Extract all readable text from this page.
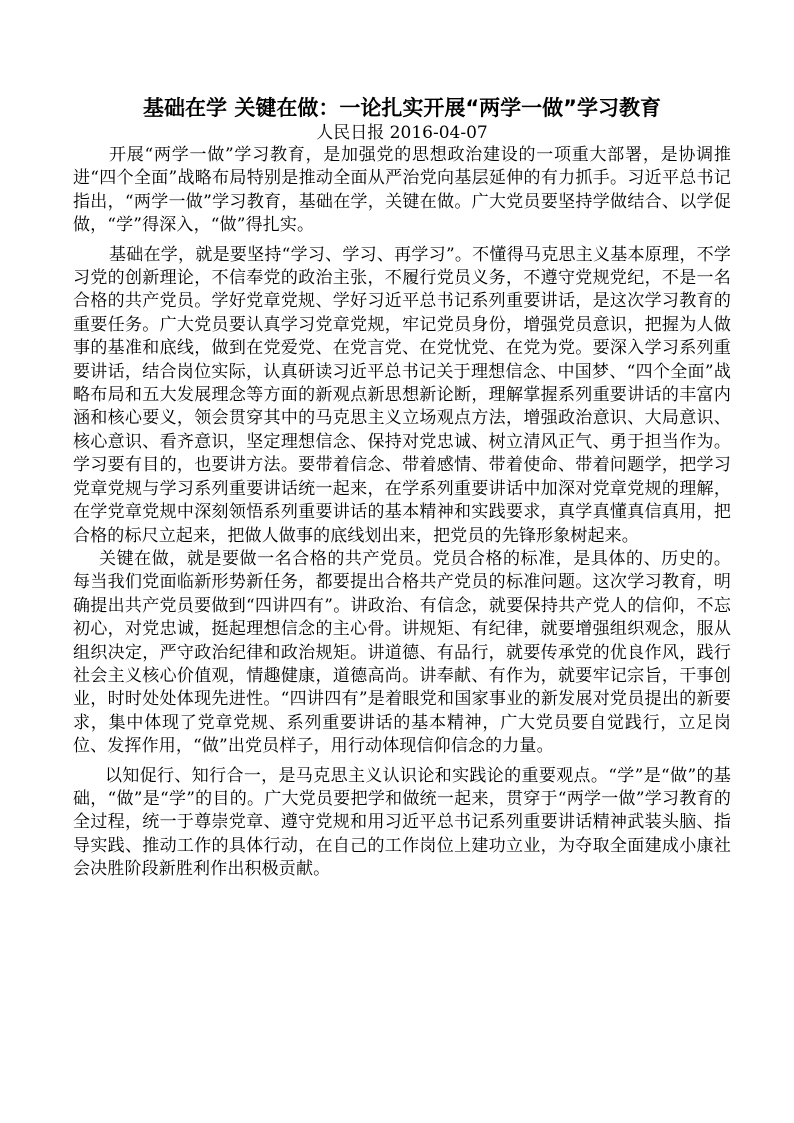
基础在学 关键在做：一论扎实开展“两学一做”学习教育
人民日报 2016-04-07

开展“两学一做”学习教育，是加强党的思想政治建设的一项重大部署，是协调推进“四个全面”战略布局特别是推动全面从严治党向基层延伸的有力抓手。习近平总书记指出，“两学一做”学习教育，基础在学，关键在做。广大党员要坚持学做结合、以学促做，“学”得深入，“做”得扎实。

基础在学，就是要坚持“学习、学习、再学习”。不懂得马克思主义基本原理，不学习党的创新理论，不信奉党的政治主张，不履行党员义务，不遵守党规党纪，不是一名合格的共产党员。学好党章党规、学好习近平总书记系列重要讲话，是这次学习教育的重要任务。广大党员要认真学习党章党规，牢记党员身份，增强党员意识，把握为人做事的基准和底线，做到在党爱党、在党言党、在党忧党、在党为党。要深入学习系列重要讲话，结合岗位实际，认真研读习近平总书记关于理想信念、中国梦、“四个全面”战略布局和五大发展理念等方面的新观点新思想新论断，理解掌握系列重要讲话的丰富内涵和核心要义，领会贯穿其中的马克思主义立场观点方法，增强政治意识、大局意识、核心意识、看齐意识，坚定理想信念、保持对党忠诚、树立清风正气、勇于担当作为。学习要有目的，也要讲方法。要带着信念、带着感情、带着使命、带着问题学，把学习党章党规与学习系列重要讲话统一起来，在学系列重要讲话中加深对党章党规的理解，在学党章党规中深刻领悟系列重要讲话的基本精神和实践要求，真学真懂真信真用，把合格的标尺立起来，把做人做事的底线划出来，把党员的先锋形象树起来。

关键在做，就是要做一名合格的共产党员。党员合格的标准，是具体的、历史的。每当我们党面临新形势新任务，都要提出合格共产党员的标准问题。这次学习教育，明确提出共产党员要做到“四讲四有”。讲政治、有信念，就要保持共产党人的信仰，不忘初心，对党忠诚，挺起理想信念的主心骨。讲规矩、有纪律，就要增强组织观念，服从组织决定，严守政治纪律和政治规矩。讲道德、有品行，就要传承党的优良作风，践行社会主义核心价值观，情趣健康，道德高尚。讲奉献、有作为，就要牢记宗旨，干事创业，时时处处体现先进性。“四讲四有”是着眼党和国家事业的新发展对党员提出的新要求，集中体现了党章党规、系列重要讲话的基本精神，广大党员要自觉践行，立足岗位、发挥作用，“做”出党员样子，用行动体现信仰信念的力量。

以知促行、知行合一，是马克思主义认识论和实践论的重要观点。“学”是“做”的基础，“做”是“学”的目的。广大党员要把学和做统一起来，贯穿于“两学一做”学习教育的全过程，统一于尊崇党章、遵守党规和用习近平总书记系列重要讲话精神武装头脑、指导实践、推动工作的具体行动，在自己的工作岗位上建功立业，为夺取全面建成小康社会决胜阶段新胜利作出积极贡献。
